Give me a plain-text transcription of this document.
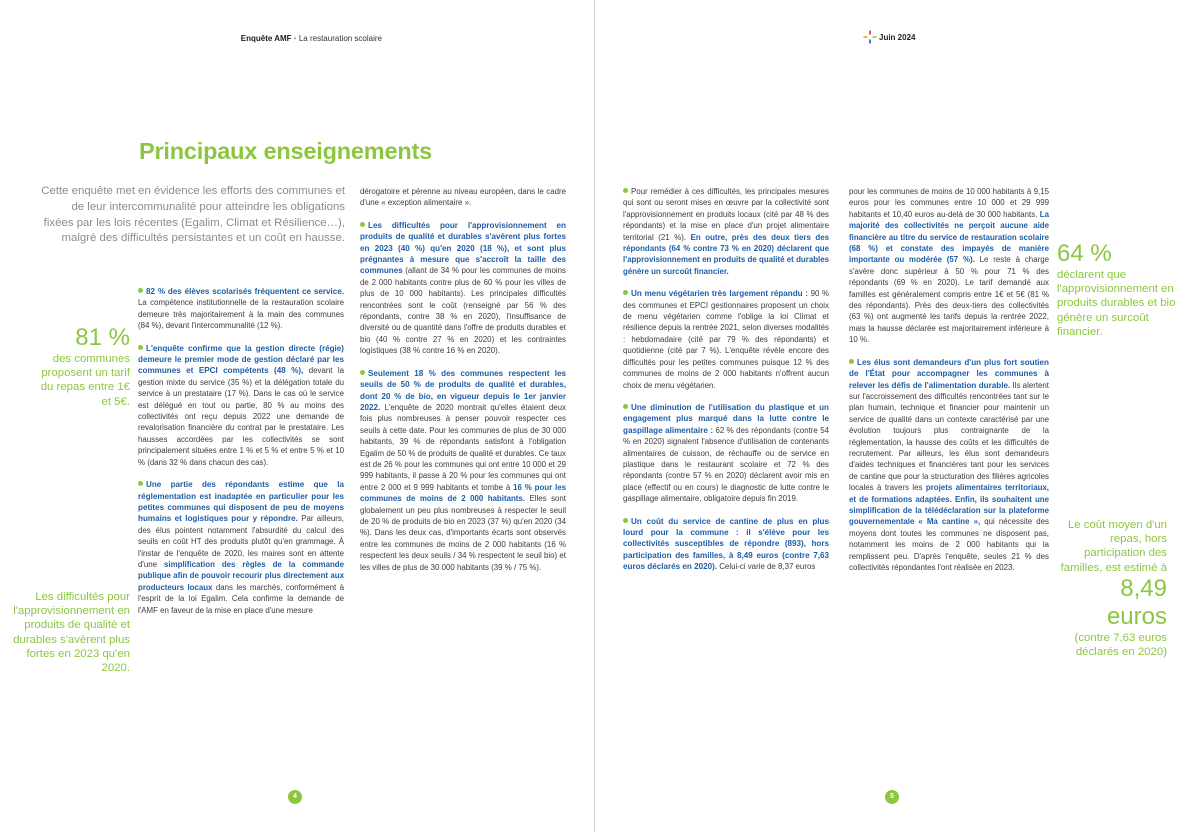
Enquête AMF • La restauration scolaire
Principaux enseignements

Cette enquête met en évidence les efforts des communes et de leur intercommunalité pour atteindre les obligations fixées par les lois récentes (Egalim, Climat et Résilience…), malgré des difficultés persistantes et un coût en hausse.

81 %
des communes proposent un tarif du repas entre 1€ et 5€.
Les difficultés pour l'approvisionnement en produits de qualité et durables s'avèrent plus fortes en 2023 qu'en 2020.

82 % des élèves scolarisés fréquentent ce service. La compétence institutionnelle de la restauration scolaire demeure très majoritairement à la main des communes (84 %), devant l'intercommunalité (12 %).

L'enquête confirme que la gestion directe (régie) demeure le premier mode de gestion déclaré par les communes et EPCI compétents (48 %), devant la gestion mixte du service (35 %) et la délégation totale du service à un prestataire (17 %). Dans le cas où le service est délégué en tout ou partie, 80 % au moins des collectivités ont reçu depuis 2022 une demande de revalorisation financière du contrat par le prestataire. Les hausses accordées par les collectivités se sont principalement situées entre 1 % et 5 % et entre 5 % et 10 % (dans 32 % dans chacun des cas).

Une partie des répondants estime que la réglementation est inadaptée en particulier pour les petites communes qui disposent de peu de moyens humains et logistiques pour y répondre. Par ailleurs, des élus pointent notamment l'absurdité du calcul des seuils en coût HT des produits plutôt qu'en grammage. À l'instar de l'enquête de 2020, les maires sont en attente d'une simplification des règles de la commande publique afin de pouvoir recourir plus directement aux producteurs locaux dans les marchés, conformément à l'esprit de la loi Egalim. Cela confirme la demande de l'AMF en faveur de la mise en place d'une mesure

dérogatoire et pérenne au niveau européen, dans le cadre d'une « exception alimentaire ».

Les difficultés pour l'approvisionnement en produits de qualité et durables s'avèrent plus fortes en 2023 (40 %) qu'en 2020 (18 %), et sont plus prégnantes à mesure que s'accroît la taille des communes (allant de 34 % pour les communes de moins de 2 000 habitants contre plus de 60 % pour les villes de plus de 10 000 habitants). Les principales difficultés rencontrées sont le coût (renseigné par 56 % des répondants, contre 38 % en 2020), l'insuffisance de diversité ou de quantité dans l'offre de produits durables et bio (40 % contre 27 % en 2020) et les contraintes logistiques (38 % contre 16 % en 2020).

Seulement 18 % des communes respectent les seuils de 50 % de produits de qualité et durables, dont 20 % de bio, en vigueur depuis le 1er janvier 2022. L'enquête de 2020 montrait qu'elles étaient deux fois plus nombreuses à penser pouvoir respecter ces seuils à cette date. Pour les communes de plus de 30 000 habitants, 39 % de répondants satisfont à l'obligation Egalim de 50 % de produits de qualité et durables. Ce taux est de 26 % pour les communes qui ont entre 10 000 et 29 999 habitants, il passe à 20 % pour les communes qui ont entre 2 000 et 9 999 habitants et tombe à 16 % pour les communes de moins de 2 000 habitants. Elles sont globalement un peu plus nombreuses à respecter le seuil de 20 % de produits de bio en 2023 (37 %) qu'en 2020 (34 %). Dans les deux cas, d'importants écarts sont observés entre les communes de moins de 2 000 habitants (16 % respectent les deux seuils / 34 % respectent le seuil bio) et les villes de plus de 30 000 habitants (39 % / 75 %).

4
Juin 2024

Pour remédier à ces difficultés, les principales mesures qui sont ou seront mises en œuvre par la collectivité sont l'approvisionnement en produits locaux (cité par 48 % des répondants) et la mise en place d'un projet alimentaire territorial (21 %). En outre, près des deux tiers des répondants (64 % contre 73 % en 2020) déclarent que l'approvisionnement en produits de qualité et durables génère un surcoût financier.

Un menu végétarien très largement répandu : 90 % des communes et EPCI gestionnaires proposent un choix de menu végétarien comme l'oblige la loi Climat et résilience depuis la rentrée 2021, selon diverses modalités : hebdomadaire (cité par 79 % des répondants) et quotidienne (cité par 7 %). L'enquête révèle encore des difficultés pour les petites communes puisque 12 % des communes de moins de 2 000 habitants n'offrent aucun choix de menu végétarien.

Une diminution de l'utilisation du plastique et un engagement plus marqué dans la lutte contre le gaspillage alimentaire : 62 % des répondants (contre 54 % en 2020) signalent l'absence d'utilisation de contenants alimentaires de cuisson, de réchauffe ou de service en plastique dans le restaurant scolaire et 72 % des répondants (contre 57 % en 2020) déclarent avoir mis en place (effectif ou en cours) le diagnostic de lutte contre le gaspillage alimentaire, obligatoire depuis fin 2019.

Un coût du service de cantine de plus en plus lourd pour la commune : il s'élève pour les collectivités susceptibles de répondre (893), hors participation des familles, à 8,49 euros (contre 7,63 euros déclarés en 2020). Celui-ci varie de 8,37 euros

pour les communes de moins de 10 000 habitants à 9,15 euros pour les communes entre 10 000 et 29 999 habitants et 10,40 euros au-delà de 30 000 habitants. La majorité des collectivités ne perçoit aucune aide financière au titre du service de restauration scolaire (68 %) et constate des impayés de manière importante ou modérée (57 %). Le reste à charge s'avère donc supérieur à 50 % pour 71 % des répondants (69 % en 2020). Le tarif demandé aux familles est généralement compris entre 1€ et 5€ (81 % des répondants). Près des deux-tiers des collectivités (63 %) ont augmenté les tarifs depuis la rentrée 2022, mais la hausse déclarée est majoritairement inférieure à 10 %.

Les élus sont demandeurs d'un plus fort soutien de l'État pour accompagner les communes à relever les défis de l'alimentation durable. Ils alertent sur l'accroissement des difficultés rencontrées tant sur le plan humain, technique et financier pour maintenir un service de qualité dans un contexte caractérisé par une évolution toujours plus contraignante de la réglementation, la hausse des coûts et les difficultés de recrutement. Par ailleurs, les élus sont demandeurs d'aides techniques et financières tant pour les services de cantine que pour la structuration des filières agricoles locales à travers les projets alimentaires territoriaux, et de formations adaptées. Enfin, ils souhaitent une simplification de la télédéclaration sur la plateforme gouvernementale « Ma cantine », qui nécessite des moyens dont toutes les communes ne disposent pas, notamment les moins de 2 000 habitants qui la remplissent peu. D'après l'enquête, seules 21 % des collectivités répondantes l'ont réalisée en 2023.

64 %
déclarent que l'approvisionnement en produits durables et bio génère un surcoût financier.
Le coût moyen d'un repas, hors participation des familles, est estimé à
8,49 euros
(contre 7,63 euros déclarés en 2020)
5
